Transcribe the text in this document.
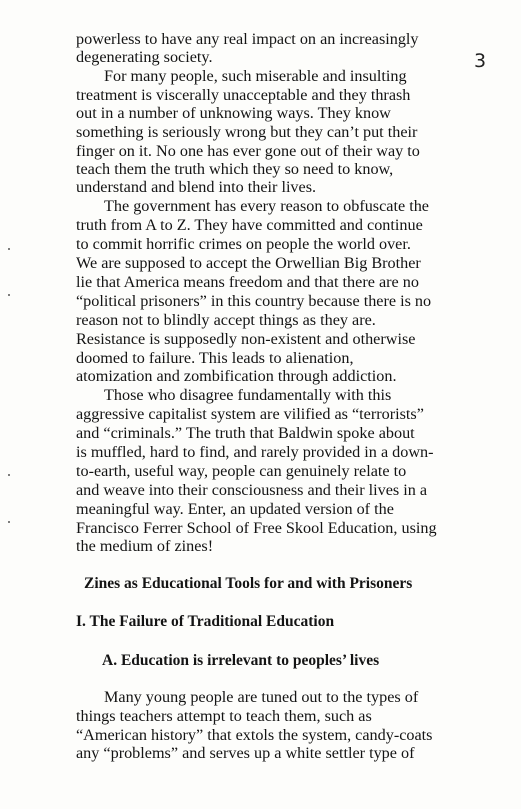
3
powerless to have any real impact on an increasingly
degenerating society.
For many people, such miserable and insulting
treatment is viscerally unacceptable and they thrash
out in a number of unknowing ways. They know
something is seriously wrong but they can’t put their
finger on it. No one has ever gone out of their way to
teach them the truth which they so need to know,
understand and blend into their lives.
The government has every reason to obfuscate the
truth from A to Z. They have committed and continue
to commit horrific crimes on people the world over.
We are supposed to accept the Orwellian Big Brother
lie that America means freedom and that there are no
“political prisoners” in this country because there is no
reason not to blindly accept things as they are.
Resistance is supposedly non-existent and otherwise
doomed to failure. This leads to alienation,
atomization and zombification through addiction.
Those who disagree fundamentally with this
aggressive capitalist system are vilified as “terrorists”
and “criminals.” The truth that Baldwin spoke about
is muffled, hard to find, and rarely provided in a down-
to-earth, useful way, people can genuinely relate to
and weave into their consciousness and their lives in a
meaningful way. Enter, an updated version of the
Francisco Ferrer School of Free Skool Education, using
the medium of zines!
Zines as Educational Tools for and with Prisoners
I. The Failure of Traditional Education
A. Education is irrelevant to peoples’ lives
Many young people are tuned out to the types of
things teachers attempt to teach them, such as
“American history” that extols the system, candy-coats
any “problems” and serves up a white settler type of
